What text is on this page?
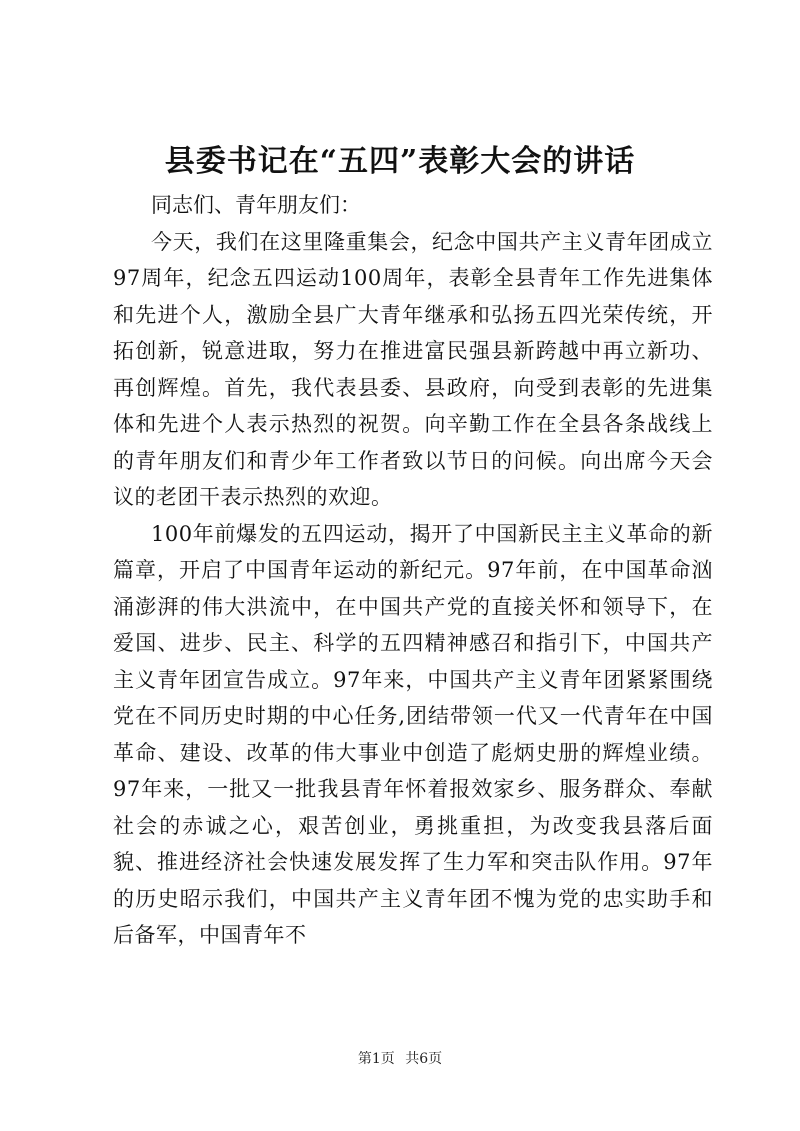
县委书记在“五四”表彰大会的讲话

同志们、青年朋友们：

今天，我们在这里隆重集会，纪念中国共产主义青年团成立97周年，纪念五四运动100周年，表彰全县青年工作先进集体和先进个人，激励全县广大青年继承和弘扬五四光荣传统，开拓创新，锐意进取，努力在推进富民强县新跨越中再立新功、再创辉煌。首先，我代表县委、县政府，向受到表彰的先进集体和先进个人表示热烈的祝贺。向辛勤工作在全县各条战线上的青年朋友们和青少年工作者致以节日的问候。向出席今天会议的老团干表示热烈的欢迎。

100年前爆发的五四运动，揭开了中国新民主主义革命的新篇章，开启了中国青年运动的新纪元。97年前，在中国革命汹涌澎湃的伟大洪流中，在中国共产党的直接关怀和领导下，在爱国、进步、民主、科学的五四精神感召和指引下，中国共产主义青年团宣告成立。97年来，中国共产主义青年团紧紧围绕党在不同历史时期的中心任务,团结带领一代又一代青年在中国革命、建设、改革的伟大事业中创造了彪炳史册的辉煌业绩。97年来，一批又一批我县青年怀着报效家乡、服务群众、奉献社会的赤诚之心，艰苦创业，勇挑重担，为改变我县落后面貌、推进经济社会快速发展发挥了生力军和突击队作用。97年的历史昭示我们，中国共产主义青年团不愧为党的忠实助手和后备军，中国青年不

第1页 共6页
